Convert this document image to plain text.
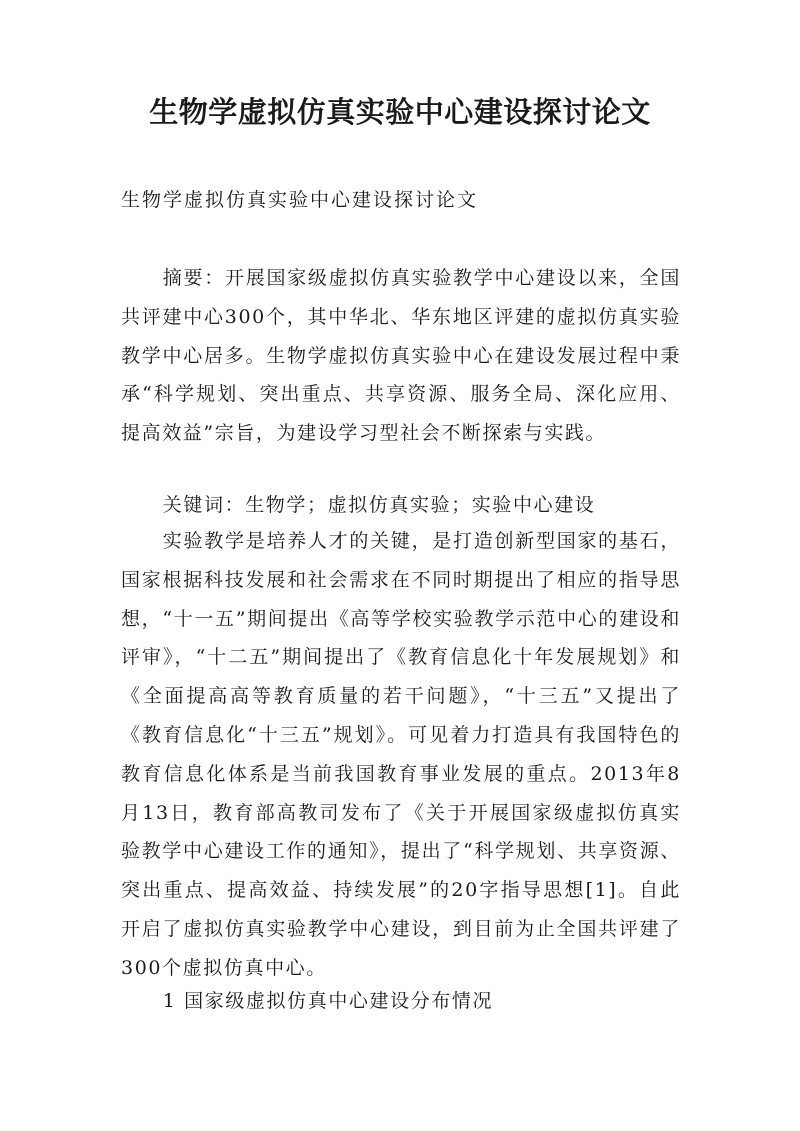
生物学虚拟仿真实验中心建设探讨论文
生物学虚拟仿真实验中心建设探讨论文

摘要：开展国家级虚拟仿真实验教学中心建设以来，全国共评建中心300个，其中华北、华东地区评建的虚拟仿真实验教学中心居多。生物学虚拟仿真实验中心在建设发展过程中秉承“科学规划、突出重点、共享资源、服务全局、深化应用、提高效益”宗旨，为建设学习型社会不断探索与实践。

关键词：生物学；虚拟仿真实验；实验中心建设

实验教学是培养人才的关键，是打造创新型国家的基石，国家根据科技发展和社会需求在不同时期提出了相应的指导思想，“十一五”期间提出《高等学校实验教学示范中心的建设和评审》，“十二五”期间提出了《教育信息化十年发展规划》和《全面提高高等教育质量的若干问题》，“十三五”又提出了《教育信息化“十三五”规划》。可见着力打造具有我国特色的教育信息化体系是当前我国教育事业发展的重点。2013年8月13日，教育部高教司发布了《关于开展国家级虚拟仿真实验教学中心建设工作的通知》，提出了“科学规划、共享资源、突出重点、提高效益、持续发展”的20字指导思想[1]。自此开启了虚拟仿真实验教学中心建设，到目前为止全国共评建了300个虚拟仿真中心。

1 国家级虚拟仿真中心建设分布情况
